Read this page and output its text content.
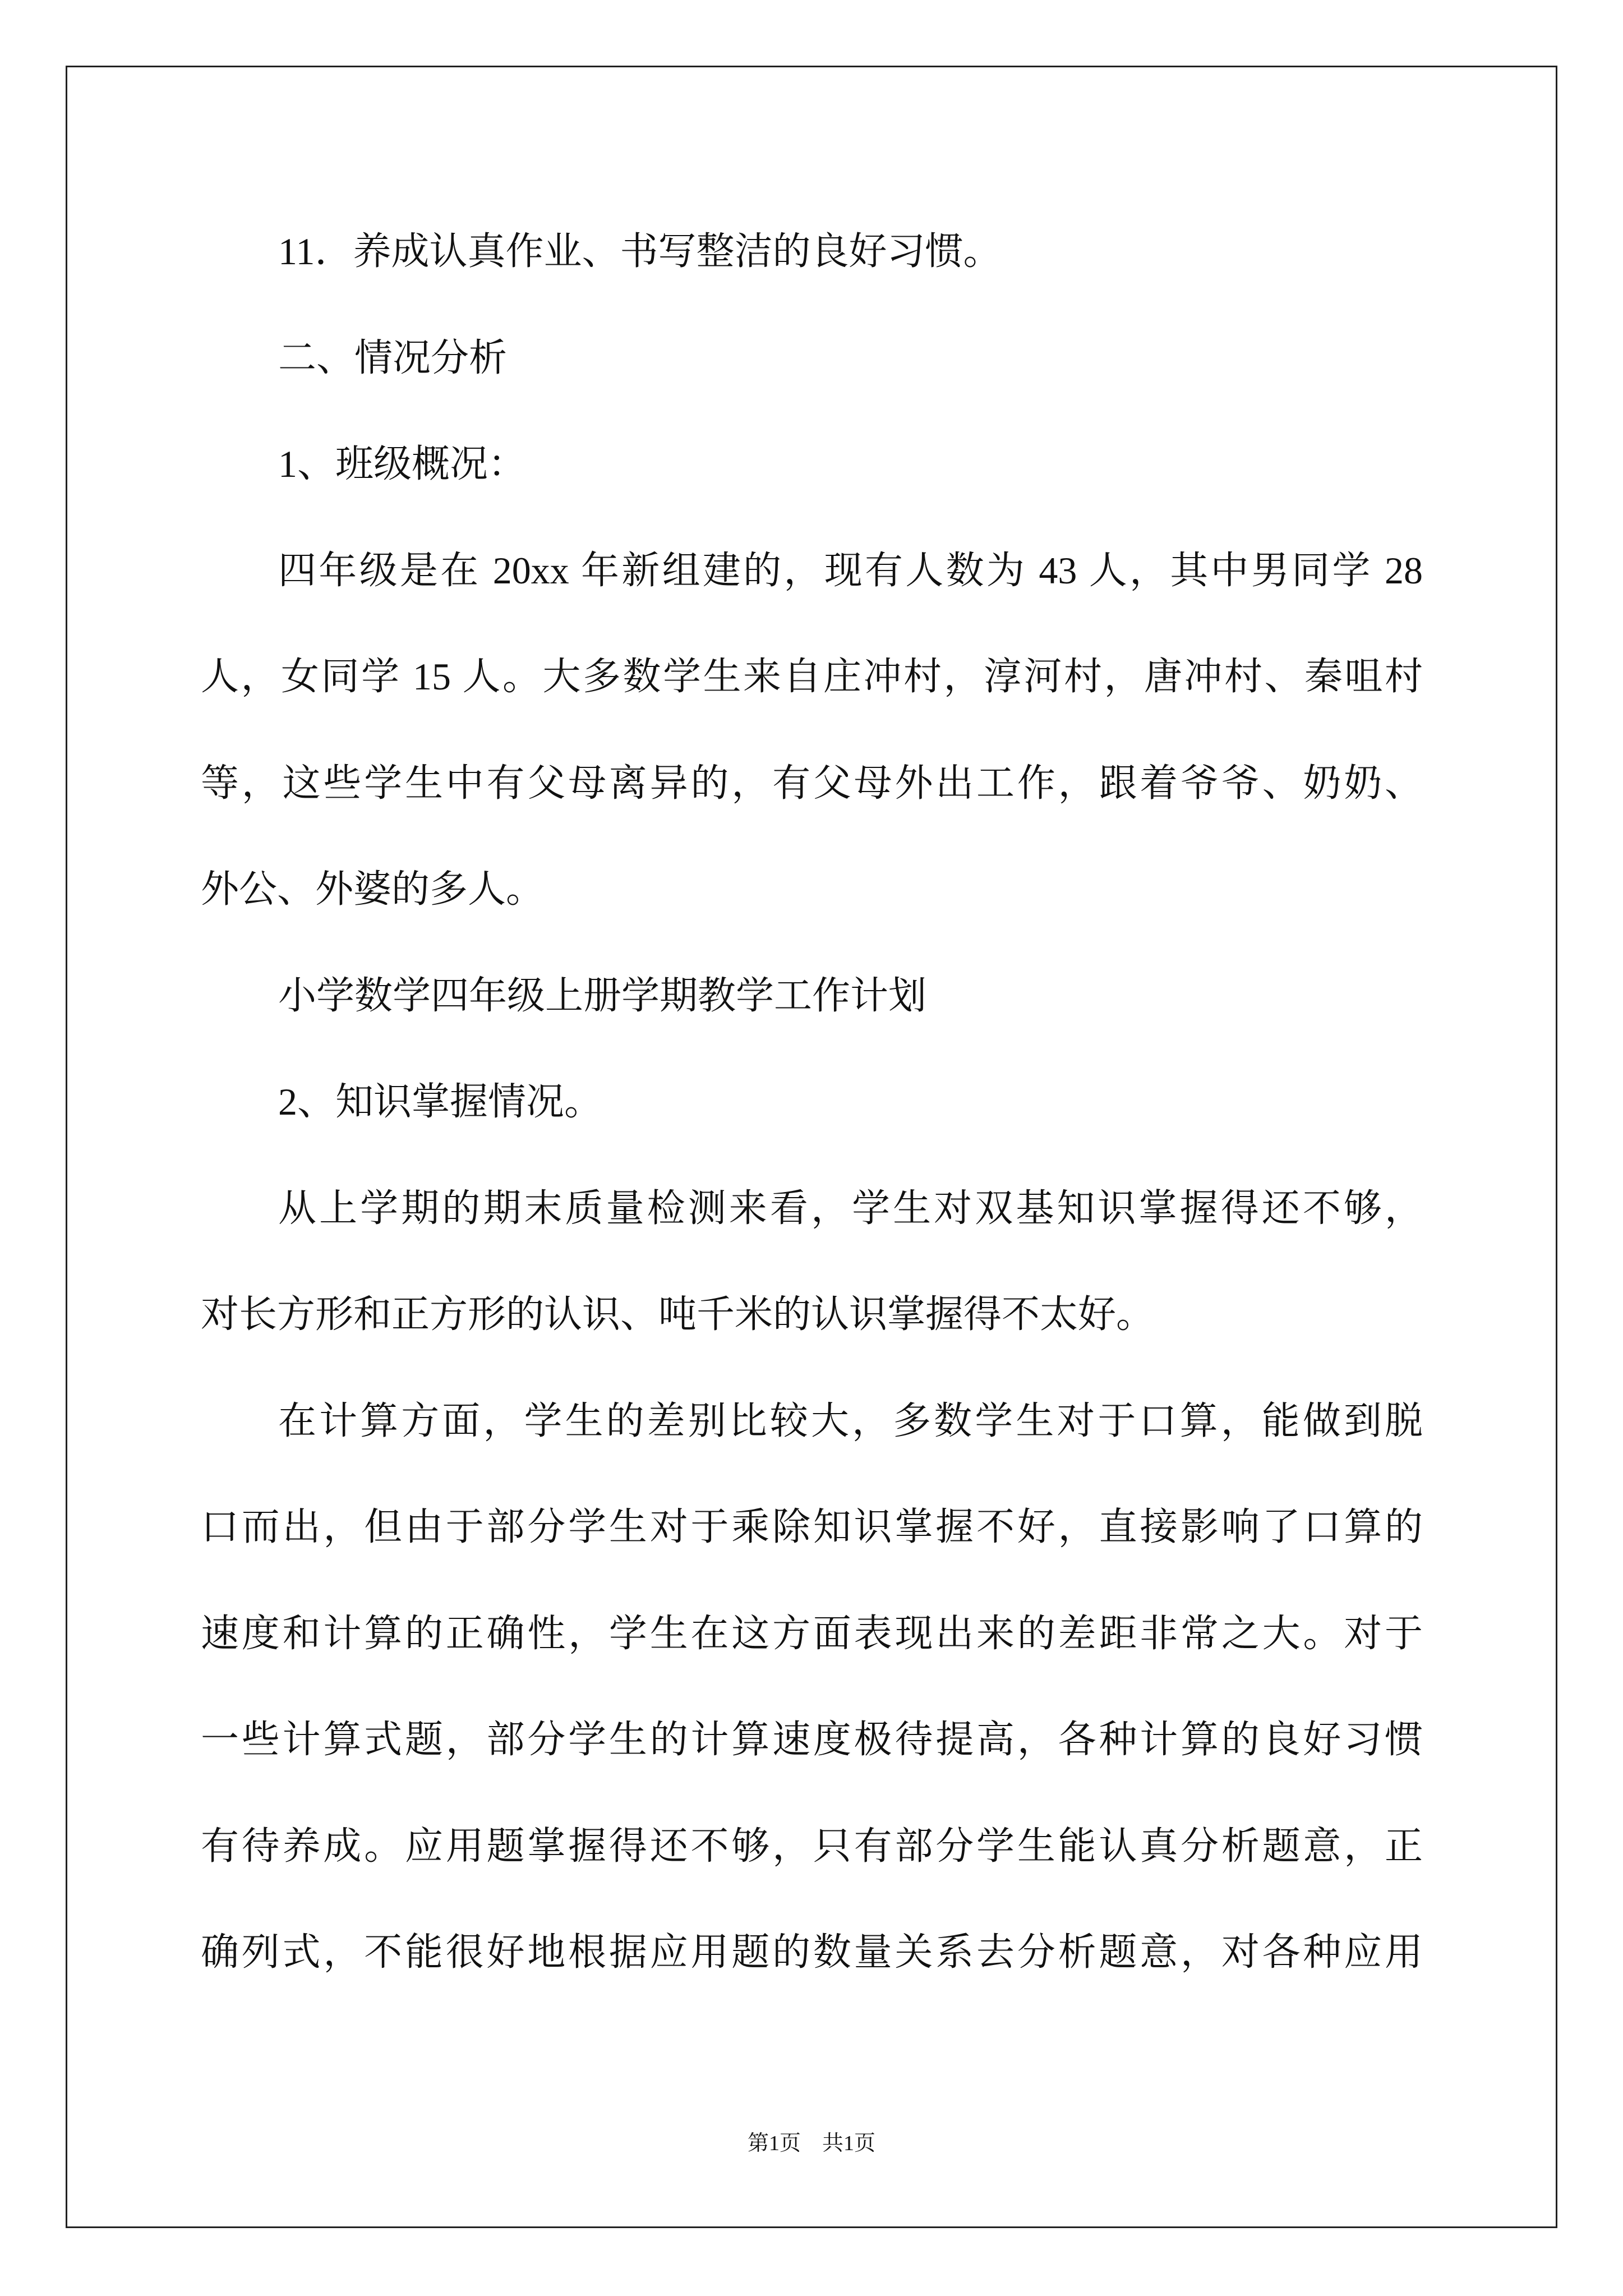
11．养成认真作业、书写整洁的良好习惯。
二、情况分析
1、班级概况：
四年级是在 20xx 年新组建的，现有人数为 43 人，其中男同学 28
人，女同学 15 人。大多数学生来自庄冲村，淳河村，唐冲村、秦咀村
等，这些学生中有父母离异的，有父母外出工作，跟着爷爷、奶奶、
外公、外婆的多人。
小学数学四年级上册学期教学工作计划
2、知识掌握情况。
从上学期的期末质量检测来看，学生对双基知识掌握得还不够，
对长方形和正方形的认识、吨千米的认识掌握得不太好。
在计算方面，学生的差别比较大，多数学生对于口算，能做到脱
口而出，但由于部分学生对于乘除知识掌握不好，直接影响了口算的
速度和计算的正确性，学生在这方面表现出来的差距非常之大。对于
一些计算式题，部分学生的计算速度极待提高，各种计算的良好习惯
有待养成。应用题掌握得还不够，只有部分学生能认真分析题意，正
确列式，不能很好地根据应用题的数量关系去分析题意，对各种应用
第1页　共1页
